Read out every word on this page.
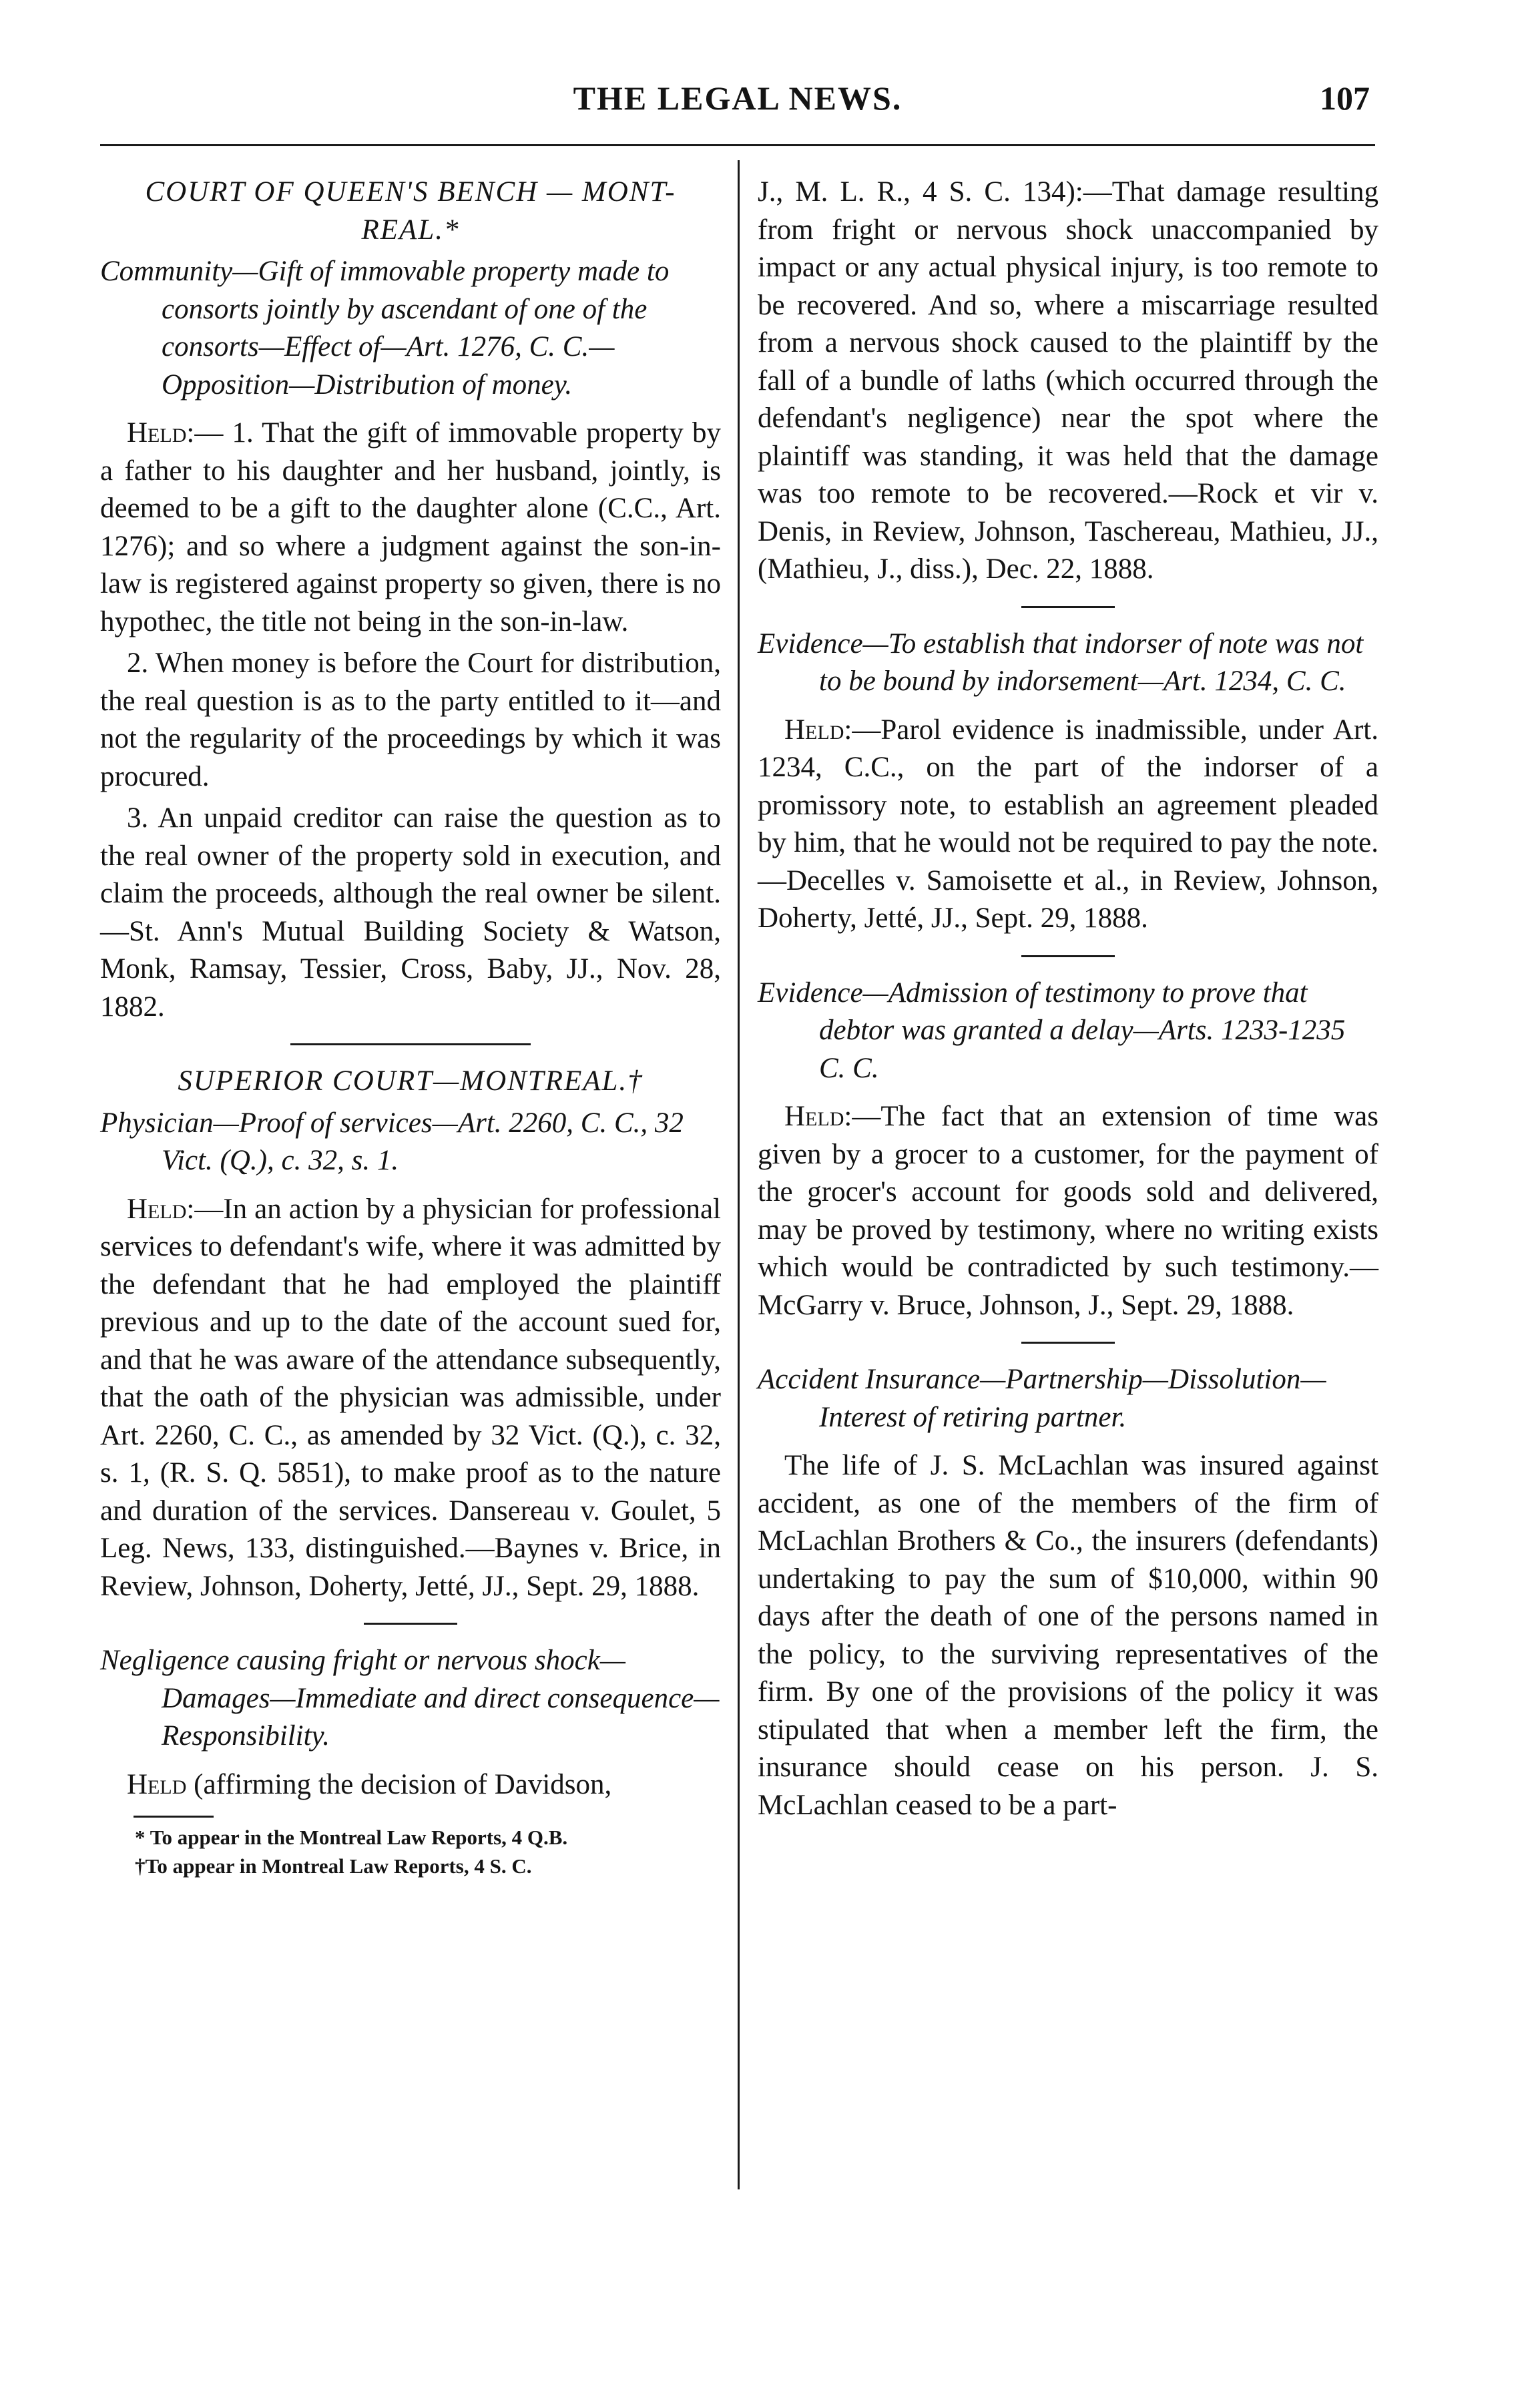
THE LEGAL NEWS.	107

COURT OF QUEEN'S BENCH — MONT-

REAL.*

Community—Gift of immovable property made to consorts jointly by ascendant of one of the consorts—Effect of—Art. 1276, C. C.—Opposition—Distribution of money.

Held:— 1. That the gift of immovable property by a father to his daughter and her husband, jointly, is deemed to be a gift to the daughter alone (C.C., Art. 1276); and so where a judgment against the son-in-law is registered against property so given, there is no hypothec, the title not being in the son-in-law.

2. When money is before the Court for distribution, the real question is as to the party entitled to it—and not the regularity of the proceedings by which it was procured.

3. An unpaid creditor can raise the question as to the real owner of the property sold in execution, and claim the proceeds, although the real owner be silent.—St. Ann's Mutual Building Society & Watson, Monk, Ramsay, Tessier, Cross, Baby, JJ., Nov. 28, 1882.

SUPERIOR COURT—MONTREAL.†

Physician—Proof of services—Art. 2260, C. C., 32 Vict. (Q.), c. 32, s. 1.

Held:—In an action by a physician for professional services to defendant's wife, where it was admitted by the defendant that he had employed the plaintiff previous and up to the date of the account sued for, and that he was aware of the attendance subsequently, that the oath of the physician was admissible, under Art. 2260, C. C., as amended by 32 Vict. (Q.), c. 32, s. 1, (R. S. Q. 5851), to make proof as to the nature and duration of the services. Dansereau v. Goulet, 5 Leg. News, 133, distinguished.—Baynes v. Brice, in Review, Johnson, Doherty, Jetté, JJ., Sept. 29, 1888.

Negligence causing fright or nervous shock—Damages—Immediate and direct consequence—Responsibility.

Held (affirming the decision of Davidson,

* To appear in the Montreal Law Reports, 4 Q.B.

†To appear in Montreal Law Reports, 4 S. C.

J., M. L. R., 4 S. C. 134):—That damage resulting from fright or nervous shock unaccompanied by impact or any actual physical injury, is too remote to be recovered. And so, where a miscarriage resulted from a nervous shock caused to the plaintiff by the fall of a bundle of laths (which occurred through the defendant's negligence) near the spot where the plaintiff was standing, it was held that the damage was too remote to be recovered.—Rock et vir v. Denis, in Review, Johnson, Taschereau, Mathieu, JJ., (Mathieu, J., diss.), Dec. 22, 1888.

Evidence—To establish that indorser of note was not to be bound by indorsement—Art. 1234, C. C.

Held:—Parol evidence is inadmissible, under Art. 1234, C.C., on the part of the indorser of a promissory note, to establish an agreement pleaded by him, that he would not be required to pay the note.—Decelles v. Samoisette et al., in Review, Johnson, Doherty, Jetté, JJ., Sept. 29, 1888.

Evidence—Admission of testimony to prove that debtor was granted a delay—Arts. 1233-1235 C. C.

Held:—The fact that an extension of time was given by a grocer to a customer, for the payment of the grocer's account for goods sold and delivered, may be proved by testimony, where no writing exists which would be contradicted by such testimony.—McGarry v. Bruce, Johnson, J., Sept. 29, 1888.

Accident Insurance—Partnership—Dissolution—Interest of retiring partner.

The life of J. S. McLachlan was insured against accident, as one of the members of the firm of McLachlan Brothers & Co., the insurers (defendants) undertaking to pay the sum of $10,000, within 90 days after the death of one of the persons named in the policy, to the surviving representatives of the firm. By one of the provisions of the policy it was stipulated that when a member left the firm, the insurance should cease on his person. J. S. McLachlan ceased to be a part-
